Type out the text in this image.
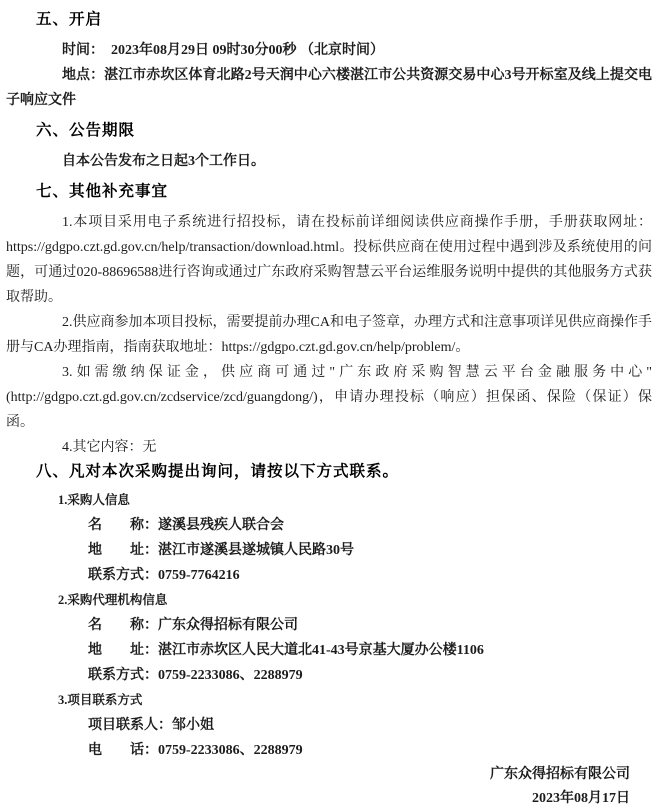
五、开启

时间：　2023年08月29日 09时30分00秒 （北京时间）

地点：湛江市赤坎区体育北路2号天润中心六楼湛江市公共资源交易中心3号开标室及线上提交电子响应文件

六、公告期限

自本公告发布之日起3个工作日。

七、其他补充事宜

1.本项目采用电子系统进行招投标，请在投标前详细阅读供应商操作手册，手册获取网址：https://gdgpo.czt.gd.gov.cn/help/transaction/download.html。投标供应商在使用过程中遇到涉及系统使用的问题，可通过020-88696588进行咨询或通过广东政府采购智慧云平台运维服务说明中提供的其他服务方式获取帮助。

2.供应商参加本项目投标，需要提前办理CA和电子签章，办理方式和注意事项详见供应商操作手册与CA办理指南，指南获取地址：https://gdgpo.czt.gd.gov.cn/help/problem/。

3.如需缴纳保证金，供应商可通过"广东政府采购智慧云平台金融服务中心"(http://gdgpo.czt.gd.gov.cn/zcdservice/zcd/guangdong/)，申请办理投标（响应）担保函、保险（保证）保函。

4.其它内容：无

八、凡对本次采购提出询问，请按以下方式联系。

1.采购人信息

名　　称：遂溪县残疾人联合会

地　　址：湛江市遂溪县遂城镇人民路30号

联系方式：0759-7764216

2.采购代理机构信息

名　　称：广东众得招标有限公司

地　　址：湛江市赤坎区人民大道北41-43号京基大厦办公楼1106

联系方式：0759-2233086、2288979

3.项目联系方式

项目联系人：邹小姐

电　　话：0759-2233086、2288979

广东众得招标有限公司

2023年08月17日
